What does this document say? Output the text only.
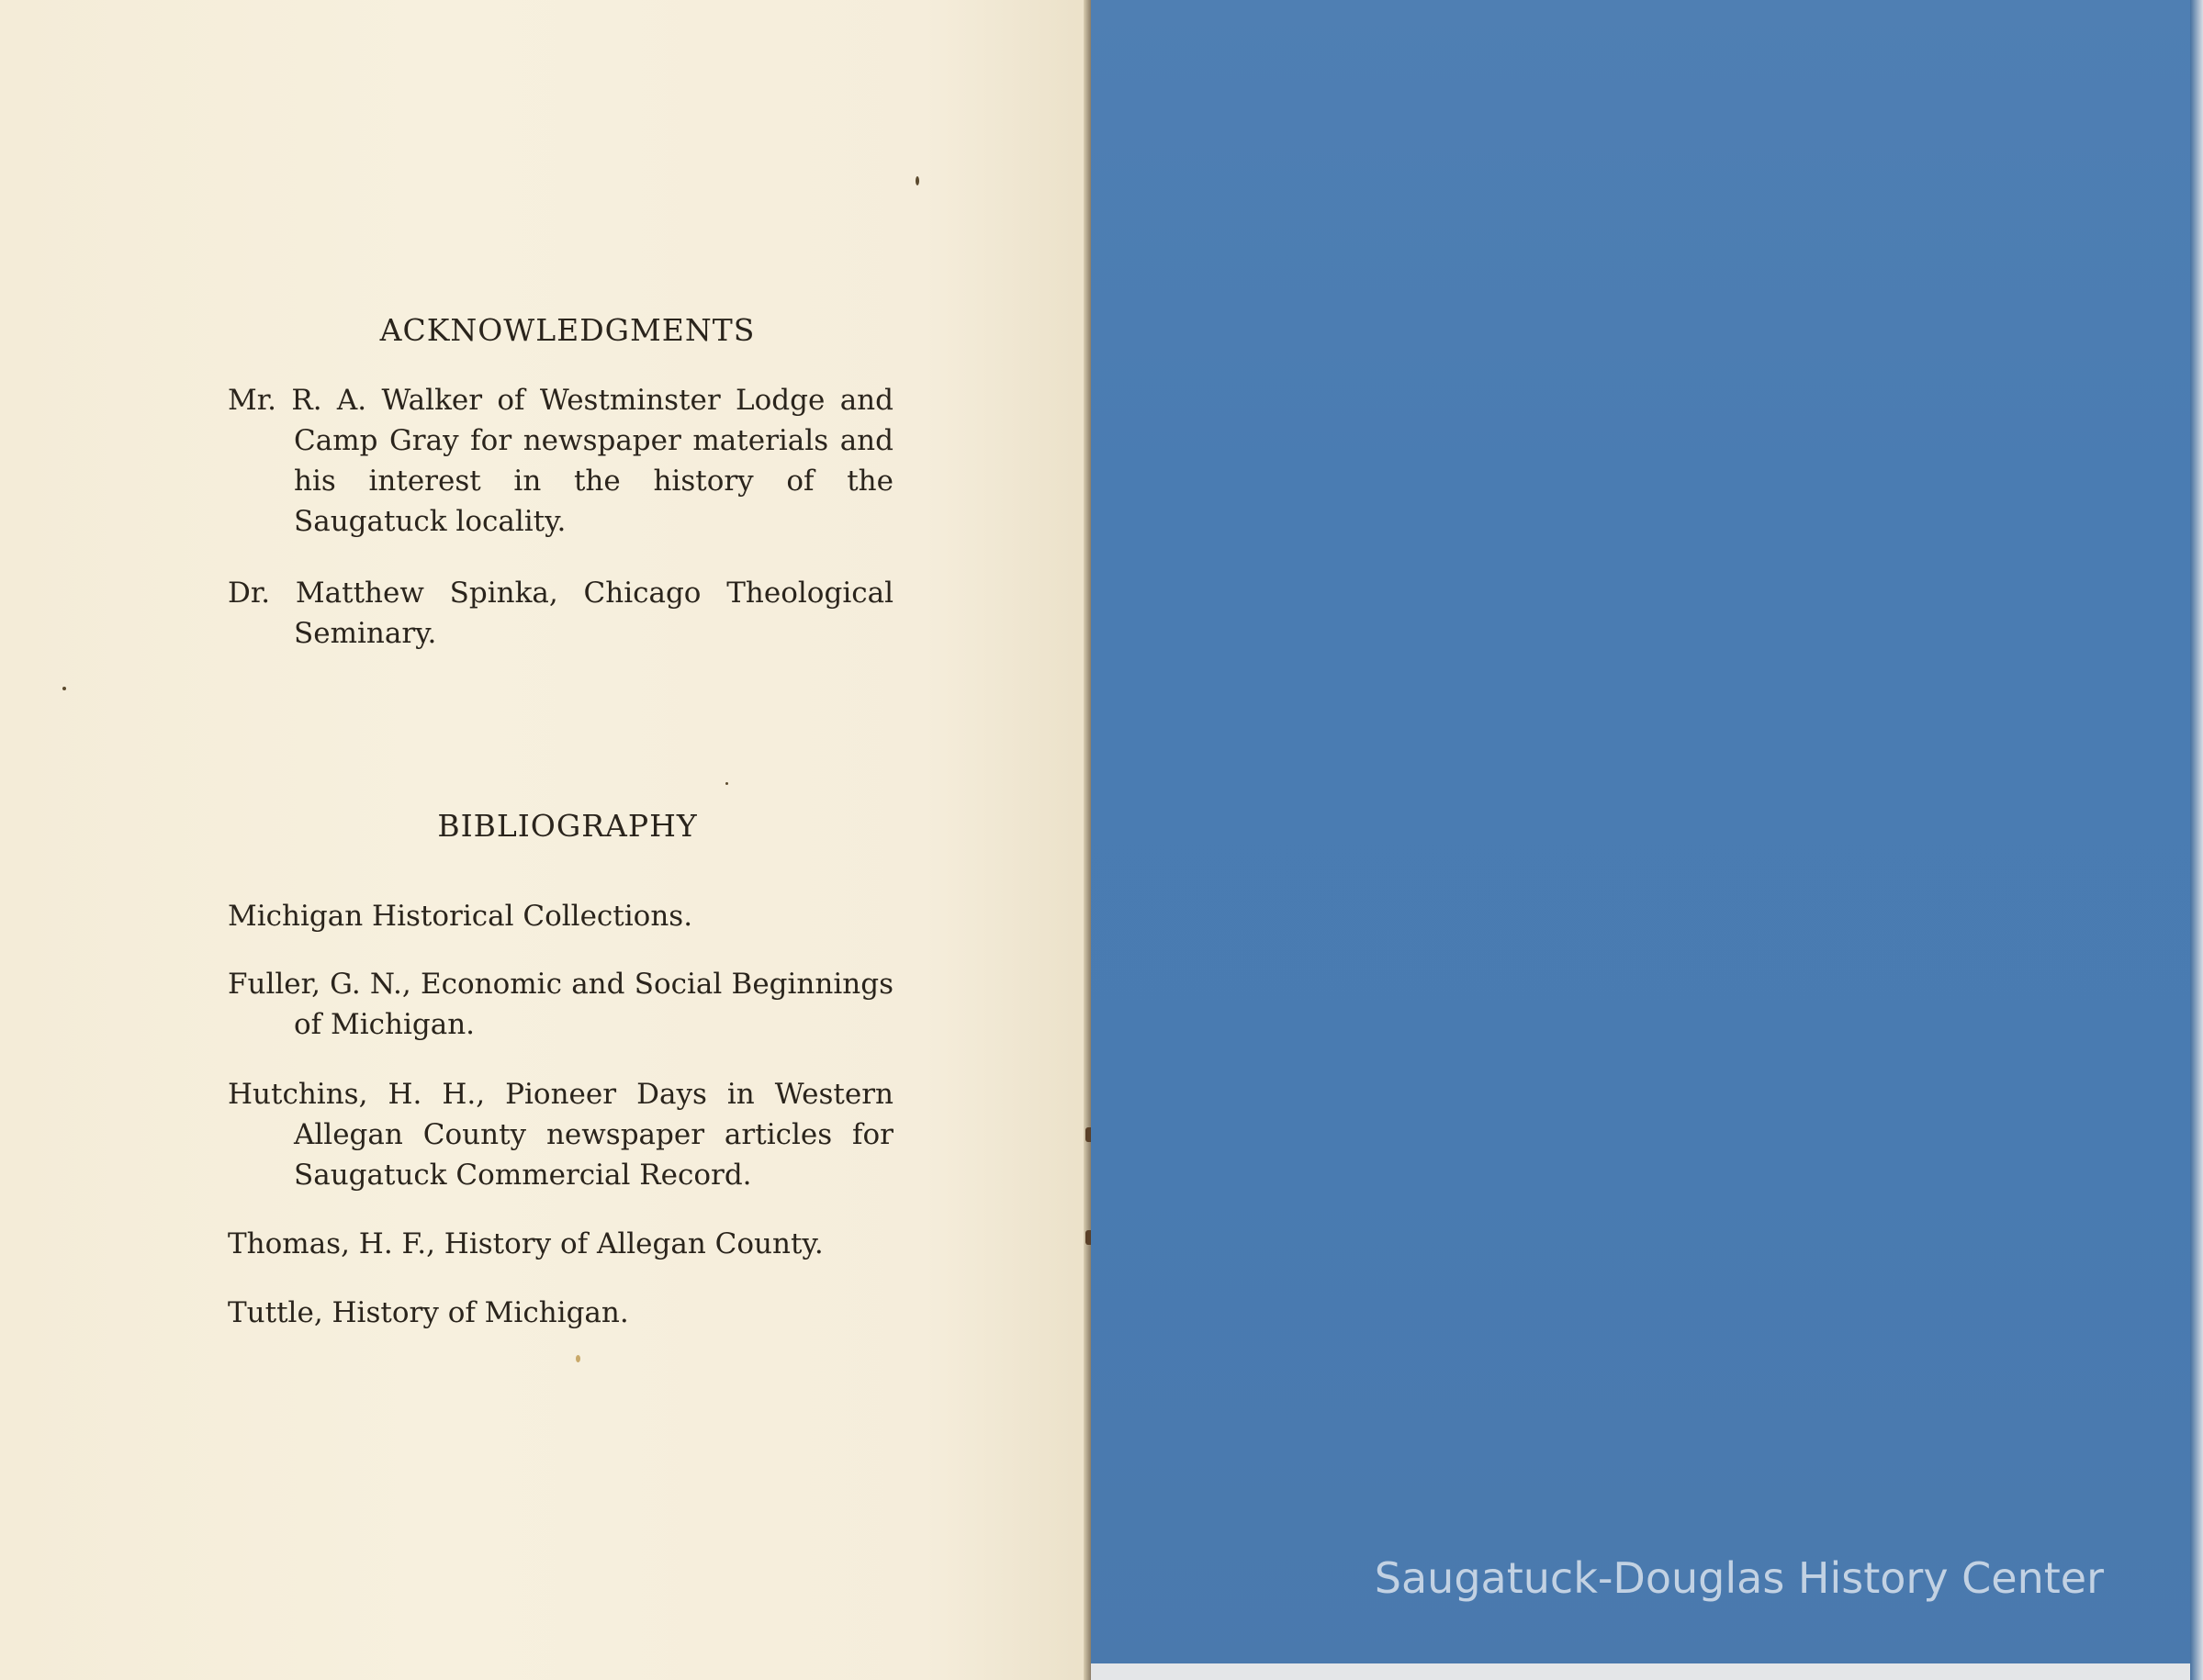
ACKNOWLEDGMENTS
Mr. R. A. Walker of Westminster Lodge and Camp Gray for newspaper materials and his interest in the history of the Saugatuck locality.
Dr. Matthew Spinka, Chicago Theological Seminary.
BIBLIOGRAPHY
Michigan Historical Collections.
Fuller, G. N., Economic and Social Beginnings of Michigan.
Hutchins, H. H., Pioneer Days in Western Allegan County newspaper articles for Saugatuck Commercial Record.
Thomas, H. F., History of Allegan County.
Tuttle, History of Michigan.
Saugatuck-Douglas History Center
